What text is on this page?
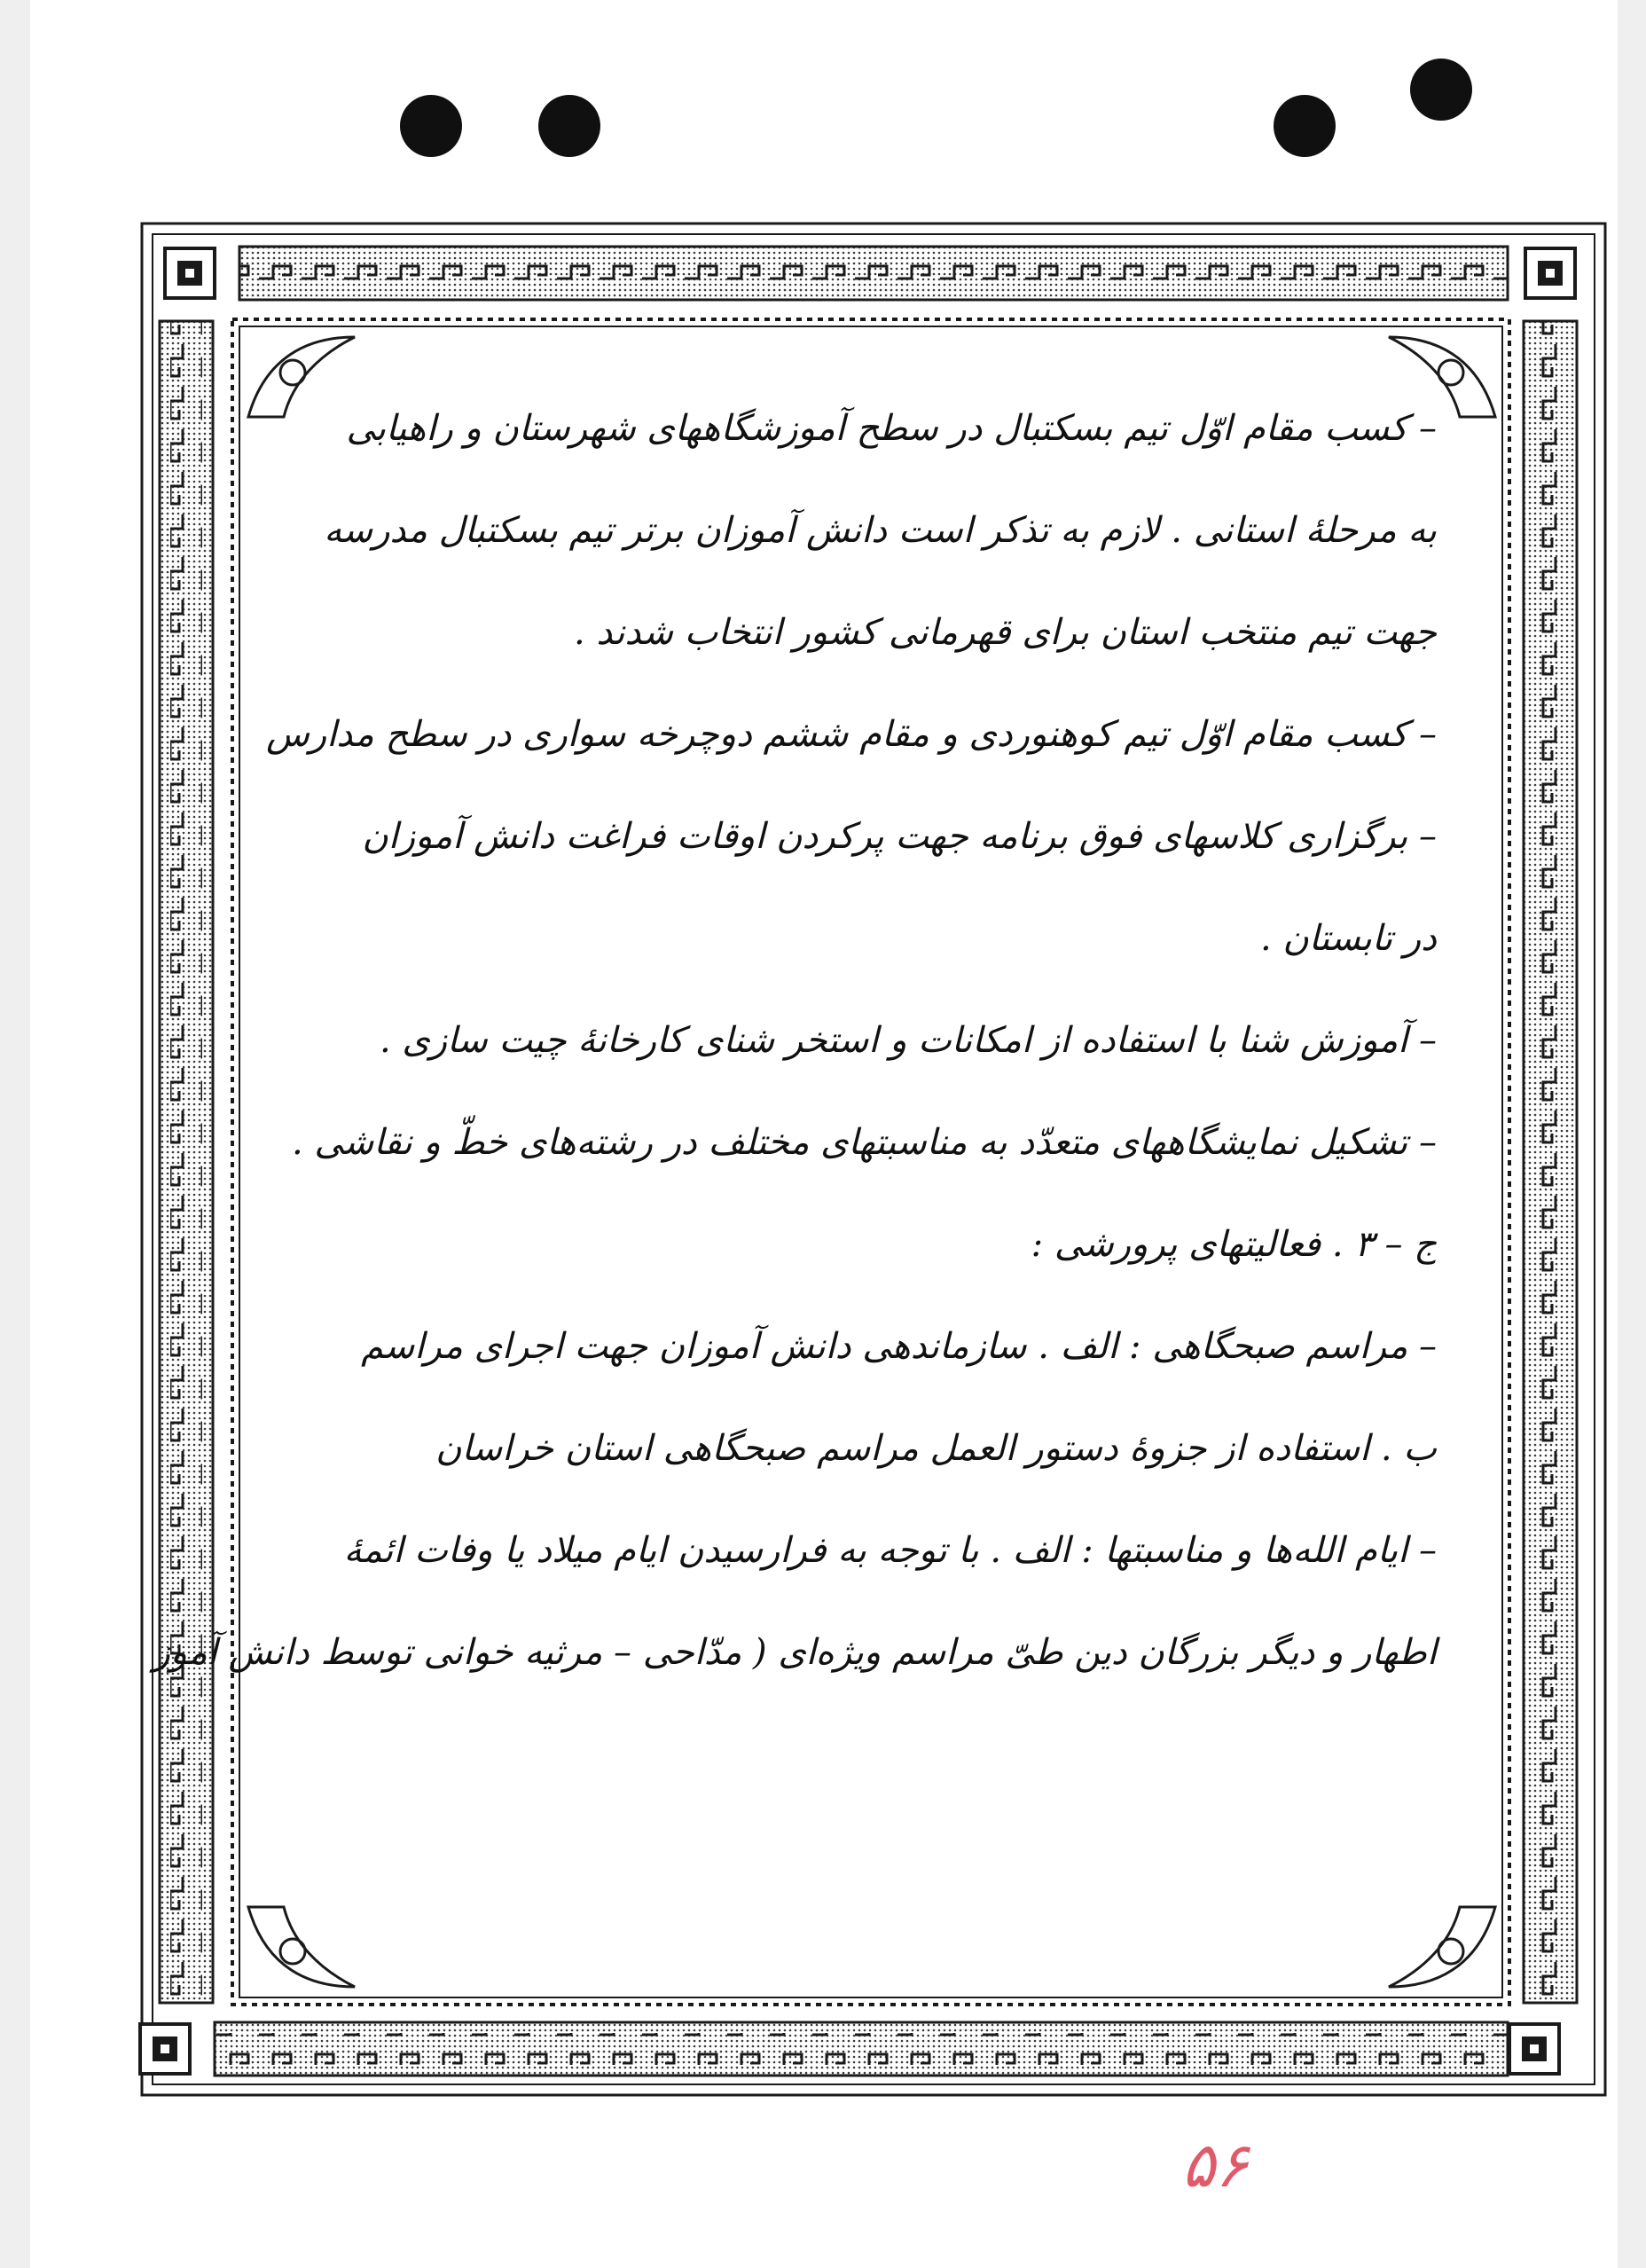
– کسب مقام اوّل تیم بسکتبال در سطح آموزشگاههای شهرستان و راهیابی
به مرحلهٔ استانی . لازم به تذکر است دانش آموزان برتر تیم بسکتبال مدرسه
جهت تیم منتخب استان برای قهرمانی کشور انتخاب شدند .
– کسب مقام اوّل تیم کوهنوردی و مقام ششم دوچرخه سواری در سطح مدارس
– برگزاری کلاسهای فوق برنامه جهت پرکردن اوقات فراغت دانش آموزان
در تابستان .
– آموزش شنا با استفاده از امکانات و استخر شنای کارخانهٔ چیت سازی .
– تشکیل نمایشگاههای متعدّد به مناسبتهای مختلف در رشته‌های خطّ و نقاشی .
ج – ۳ . فعالیتهای پرورشی :
– مراسم صبحگاهی : الف . سازماندهی دانش آموزان جهت اجرای مراسم
ب . استفاده از جزوهٔ دستور العمل مراسم صبحگاهی استان خراسان
– ایام الله‌ها و مناسبتها : الف . با توجه به فرارسیدن ایام میلاد یا وفات ائمهٔ
اطهار و دیگر بزرگان دین طیّ مراسم ویژه‌ای ( مدّاحی – مرثیه خوانی توسط دانش آموز
۵۶
